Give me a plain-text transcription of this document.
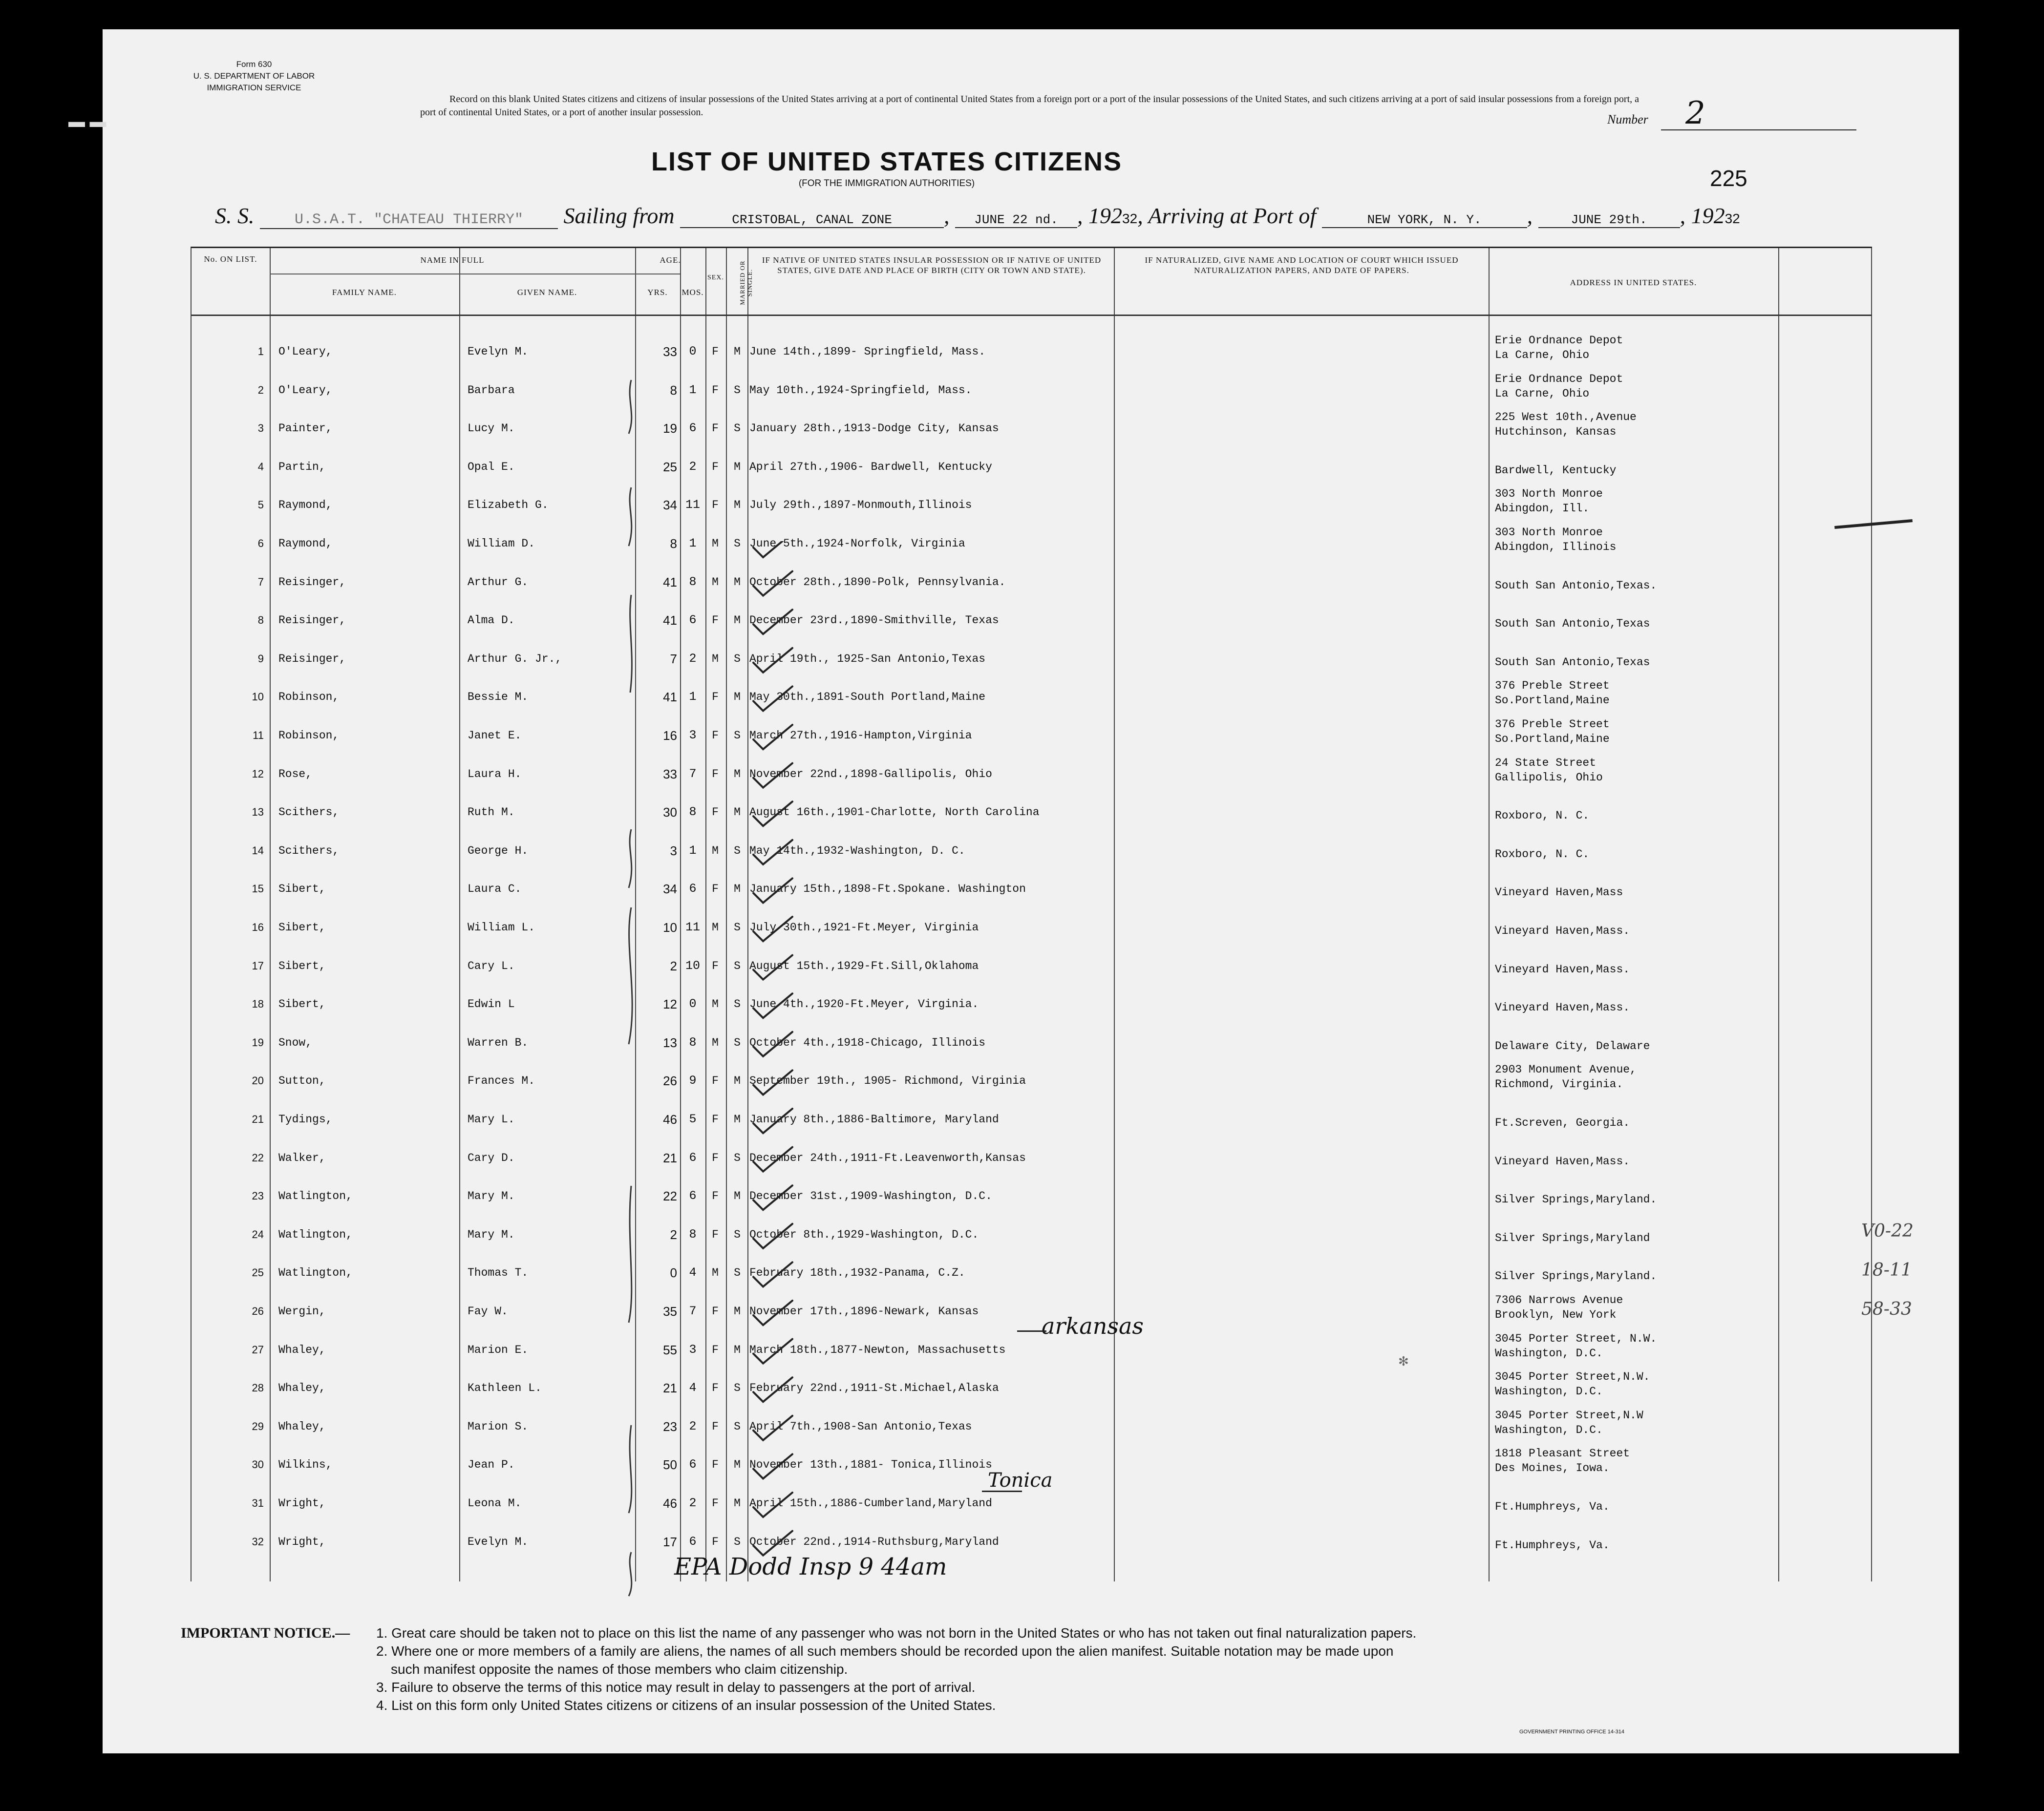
▬ ▬
Form 630
U. S. DEPARTMENT OF LABOR
IMMIGRATION SERVICE
Record on this blank United States citizens and citizens of insular possessions of the United States arriving at a port of continental United States from a foreign port or a port of the insular possessions of the United States, and such citizens arriving at a port of said insular possessions from a foreign port, a port of continental United States, or a port of another insular possession.	Number 2
LIST OF UNITED STATES CITIZENS
(FOR THE IMMIGRATION AUTHORITIES)	225
S. S.	U.S.A.T. "CHATEAU THIERRY" Sailing from	CRISTOBAL, CANAL ZONE , JUNE 22 nd. , 19232, Arriving at Port of	NEW YORK, N. Y. ,	JUNE 29th. , 19232
No. ON LIST.	NAME IN FULL
FAMILY NAME.	GIVEN NAME.
AGE.
YRS.	MOS.
SEX.	MARRIED OR SINGLE.
IF NATIVE OF UNITED STATES INSULAR POSSESSION OR IF NATIVE OF UNITED STATES, GIVE DATE AND PLACE OF BIRTH (CITY OR TOWN AND STATE).
IF NATURALIZED, GIVE NAME AND LOCATION OF COURT WHICH ISSUED NATURALIZATION PAPERS, AND DATE OF PAPERS.
ADDRESS IN UNITED STATES.
1 O'Leary,	Evelyn M.	33 0	F	M June 14th.,1899- Springfield, Mass.
Erie Ordnance Depot
La Carne, Ohio
2 O'Leary,	Barbara	8 1	F	S May 10th.,1924-Springfield, Mass.
Erie Ordnance Depot
La Carne, Ohio
3 Painter,	Lucy M.	19 6	F	S January 28th.,1913-Dodge City, Kansas
225 West 10th.,Avenue
Hutchinson, Kansas
4 Partin,	Opal E.	25 2	F	M April 27th.,1906- Bardwell, Kentucky
	Bardwell, Kentucky
5 Raymond,	Elizabeth G.	34 11	F	M July 29th.,1897-Monmouth,Illinois
303 North Monroe
Abingdon, Ill.
6 Raymond,	William D.	8 1	M	S June 5th.,1924-Norfolk, Virginia
303 North Monroe
Abingdon, Illinois
7 Reisinger,	Arthur G.	41 8	M	M October 28th.,1890-Polk, Pennsylvania.
	South San Antonio,Texas.
8 Reisinger,	Alma D.	41 6	F	M December 23rd.,1890-Smithville, Texas
	South San Antonio,Texas
9 Reisinger,	Arthur G. Jr.,	7 2	M	S April 19th., 1925-San Antonio,Texas
	South San Antonio,Texas
10 Robinson,	Bessie M.	41 1	F	M May 30th.,1891-South Portland,Maine
376 Preble Street
So.Portland,Maine
11 Robinson,	Janet E.	16 3	F	S March 27th.,1916-Hampton,Virginia
376 Preble Street
So.Portland,Maine
12 Rose,	Laura H.	33 7	F	M November 22nd.,1898-Gallipolis, Ohio
24 State Street
Gallipolis, Ohio
13 Scithers,	Ruth M.	30 8	F	M August 16th.,1901-Charlotte, North Carolina
	Roxboro, N. C.
14 Scithers,	George H.	3 1	M	S May 14th.,1932-Washington, D. C.
	Roxboro, N. C.
15 Sibert,	Laura C.	34 6	F	M January 15th.,1898-Ft.Spokane. Washington
	Vineyard Haven,Mass
16 Sibert,	William L.	10 11	M	S July 30th.,1921-Ft.Meyer, Virginia
	Vineyard Haven,Mass.
17 Sibert,	Cary L.	2 10	F	S August 15th.,1929-Ft.Sill,Oklahoma
	Vineyard Haven,Mass.
18 Sibert,	Edwin L	12 0	M	S June 4th.,1920-Ft.Meyer, Virginia.
	Vineyard Haven,Mass.
19 Snow,	Warren B.	13 8	M	S October 4th.,1918-Chicago, Illinois
	Delaware City, Delaware
20 Sutton,	Frances M.	26 9	F	M September 19th., 1905- Richmond, Virginia
2903 Monument Avenue,
Richmond, Virginia.
21 Tydings,	Mary L.	46 5	F	M January 8th.,1886-Baltimore, Maryland
	Ft.Screven, Georgia.
22 Walker,	Cary D.	21 6	F	S December 24th.,1911-Ft.Leavenworth,Kansas
	Vineyard Haven,Mass.
23 Watlington,	Mary M.	22 6	F	M December 31st.,1909-Washington, D.C.
	Silver Springs,Maryland.
24 Watlington,	Mary M.	2 8	F	S October 8th.,1929-Washington, D.C.
	Silver Springs,Maryland
25 Watlington,	Thomas T.	0 4	M	S February 18th.,1932-Panama, C.Z.
	Silver Springs,Maryland.
26 Wergin,	Fay W.	35 7	F	M November 17th.,1896-Newark, Kansas
7306 Narrows Avenue
Brooklyn, New York
27 Whaley,	Marion E.	55 3	F	M March 18th.,1877-Newton, Massachusetts
3045 Porter Street, N.W.
Washington, D.C.
28 Whaley,	Kathleen L.	21 4	F	S February 22nd.,1911-St.Michael,Alaska
3045 Porter Street,N.W.
Washington, D.C.
29 Whaley,	Marion S.	23 2	F	S April 7th.,1908-San Antonio,Texas
3045 Porter Street,N.W
Washington, D.C.
30 Wilkins,	Jean P.	50 6	F	M November 13th.,1881- Tonica,Illinois
1818 Pleasant Street
Des Moines, Iowa.
31 Wright,	Leona M.	46 2	F	M April 15th.,1886-Cumberland,Maryland
	Ft.Humphreys, Va.
32 Wright,	Evelyn M.	17 6	F	S October 22nd.,1914-Ruthsburg,Maryland
	Ft.Humphreys, Va.
arkansas
Tonica
✻
EPA Dodd Insp 9 44am
V0-22
18-11
58-33
IMPORTANT NOTICE.— 1. Great care should be taken not to place on this list the name of any passenger who was not born in the United States or who has not taken out final naturalization papers.
2. Where one or more members of a family are aliens, the names of all such members should be recorded upon the alien manifest. Suitable notation may be made upon
such manifest opposite the names of those members who claim citizenship.
3. Failure to observe the terms of this notice may result in delay to passengers at the port of arrival.
4. List on this form only United States citizens or citizens of an insular possession of the United States.
GOVERNMENT PRINTING OFFICE 14-314
